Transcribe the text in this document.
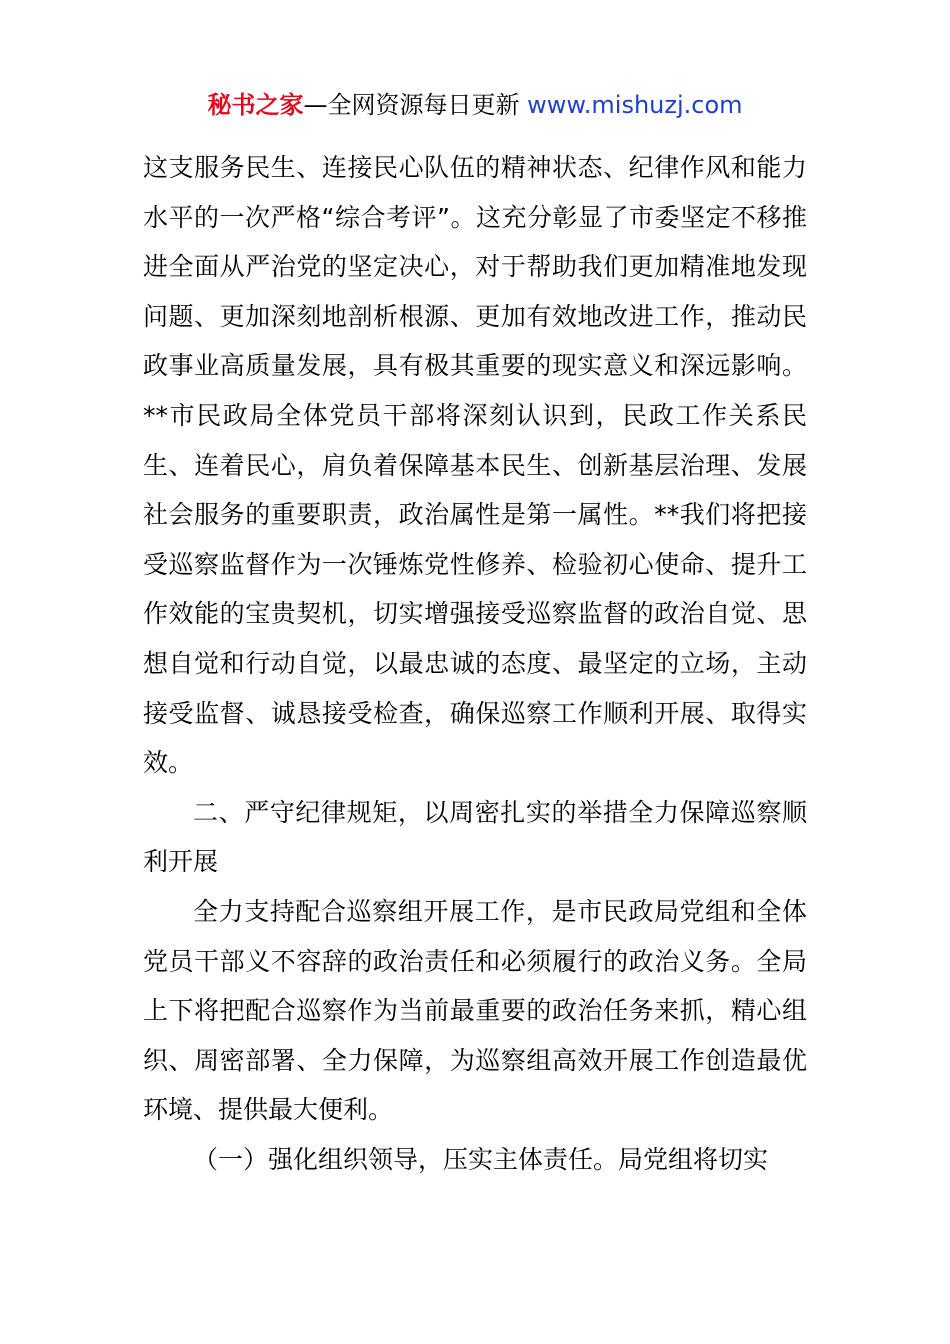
秘书之家—全网资源每日更新 www.mishuzj.com

这支服务民生、连接民心队伍的精神状态、纪律作风和能力水平的一次严格“综合考评”。这充分彰显了市委坚定不移推进全面从严治党的坚定决心，对于帮助我们更加精准地发现问题、更加深刻地剖析根源、更加有效地改进工作，推动民政事业高质量发展，具有极其重要的现实意义和深远影响。**市民政局全体党员干部将深刻认识到，民政工作关系民生、连着民心，肩负着保障基本民生、创新基层治理、发展社会服务的重要职责，政治属性是第一属性。**我们将把接受巡察监督作为一次锤炼党性修养、检验初心使命、提升工作效能的宝贵契机，切实增强接受巡察监督的政治自觉、思想自觉和行动自觉，以最忠诚的态度、最坚定的立场，主动接受监督、诚恳接受检查，确保巡察工作顺利开展、取得实效。

二、严守纪律规矩，以周密扎实的举措全力保障巡察顺利开展

全力支持配合巡察组开展工作，是市民政局党组和全体党员干部义不容辞的政治责任和必须履行的政治义务。全局上下将把配合巡察作为当前最重要的政治任务来抓，精心组织、周密部署、全力保障，为巡察组高效开展工作创造最优环境、提供最大便利。

（一）强化组织领导，压实主体责任。局党组将切实
